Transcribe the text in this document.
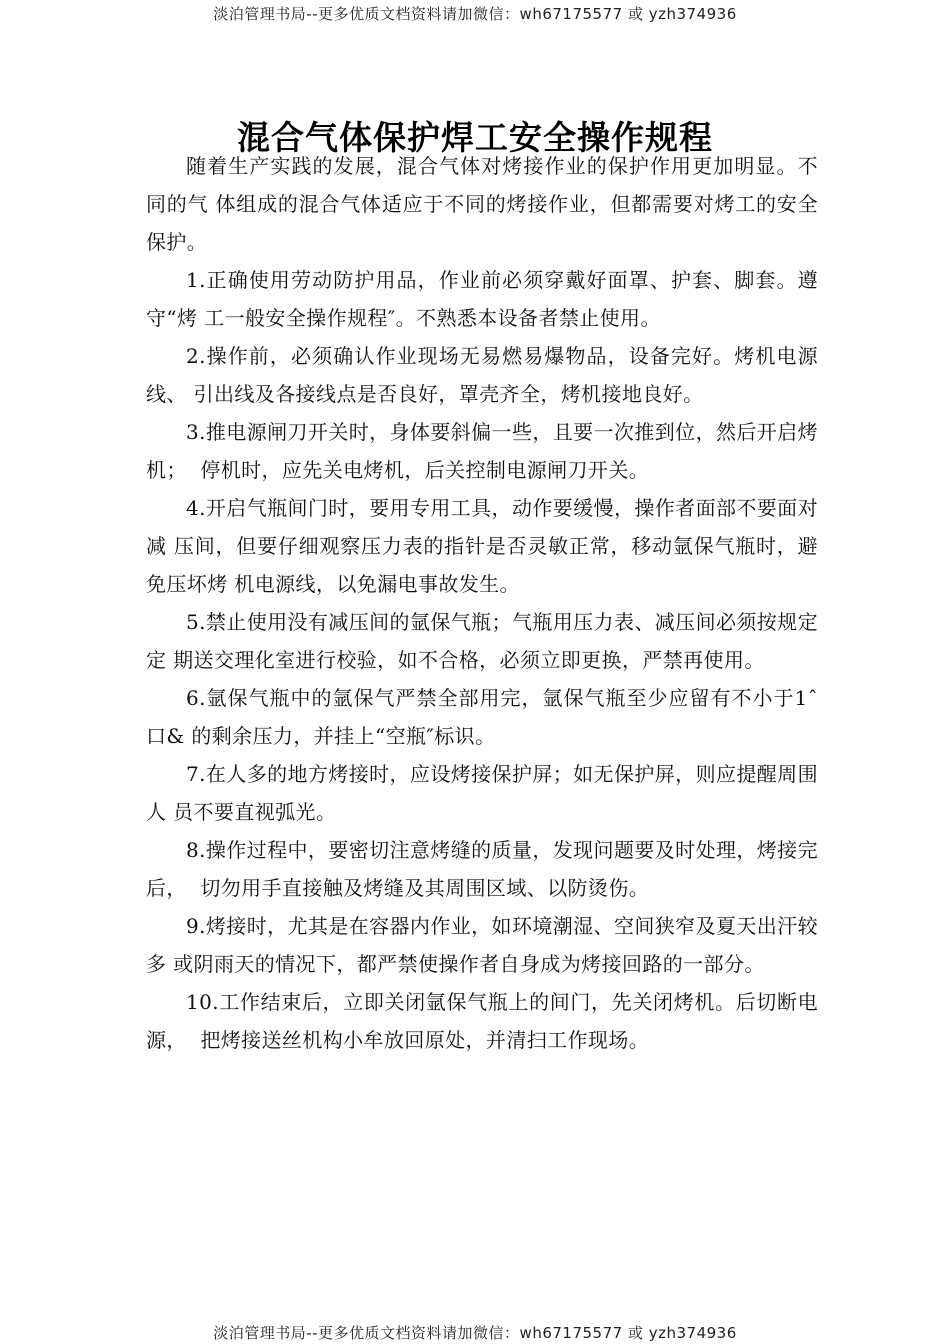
淡泊管理书局--更多优质文档资料请加微信：wh67175577 或 yzh374936
混合气体保护焊工安全操作规程

随着生产实践的发展，混合气体对烤接作业的保护作用更加明显。不同的气 体组成的混合气体适应于不同的烤接作业，但都需要对烤工的安全保护。

1.正确使用劳动防护用品，作业前必须穿戴好面罩、护套、脚套。遵守“烤 工一般安全操作规程″。不熟悉本设备者禁止使用。

2.操作前，必须确认作业现场无易燃易爆物品，设备完好。烤机电源线、 引出线及各接线点是否良好，罩壳齐全，烤机接地良好。

3.推电源闸刀开关时，身体要斜偏一些，且要一次推到位，然后开启烤机；  停机时，应先关电烤机，后关控制电源闸刀开关。

4.开启气瓶间门时，要用专用工具，动作要缓慢，操作者面部不要面对减 压间，但要仔细观察压力表的指针是否灵敏正常，移动氩保气瓶时，避免压坏烤 机电源线，以免漏电事故发生。

5.禁止使用没有减压间的氩保气瓶；气瓶用压力表、减压间必须按规定定 期送交理化室进行校验，如不合格，必须立即更换，严禁再使用。

6.氩保气瓶中的氩保气严禁全部用完，氩保气瓶至少应留有不小于1ˆ口& 的剩余压力，并挂上“空瓶″标识。

7.在人多的地方烤接时，应设烤接保护屏；如无保护屏，则应提醒周围人 员不要直视弧光。

8.操作过程中，要密切注意烤缝的质量，发现问题要及时处理，烤接完后，  切勿用手直接触及烤缝及其周围区域、以防烫伤。

9.烤接时，尤其是在容器内作业，如环境潮湿、空间狭窄及夏天出汗较多 或阴雨天的情况下，都严禁使操作者自身成为烤接回路的一部分。

10.工作结束后，立即关闭氩保气瓶上的间门，先关闭烤机。后切断电源，  把烤接送丝机构小牟放回原处，并清扫工作现场。

淡泊管理书局--更多优质文档资料请加微信：wh67175577 或 yzh374936
